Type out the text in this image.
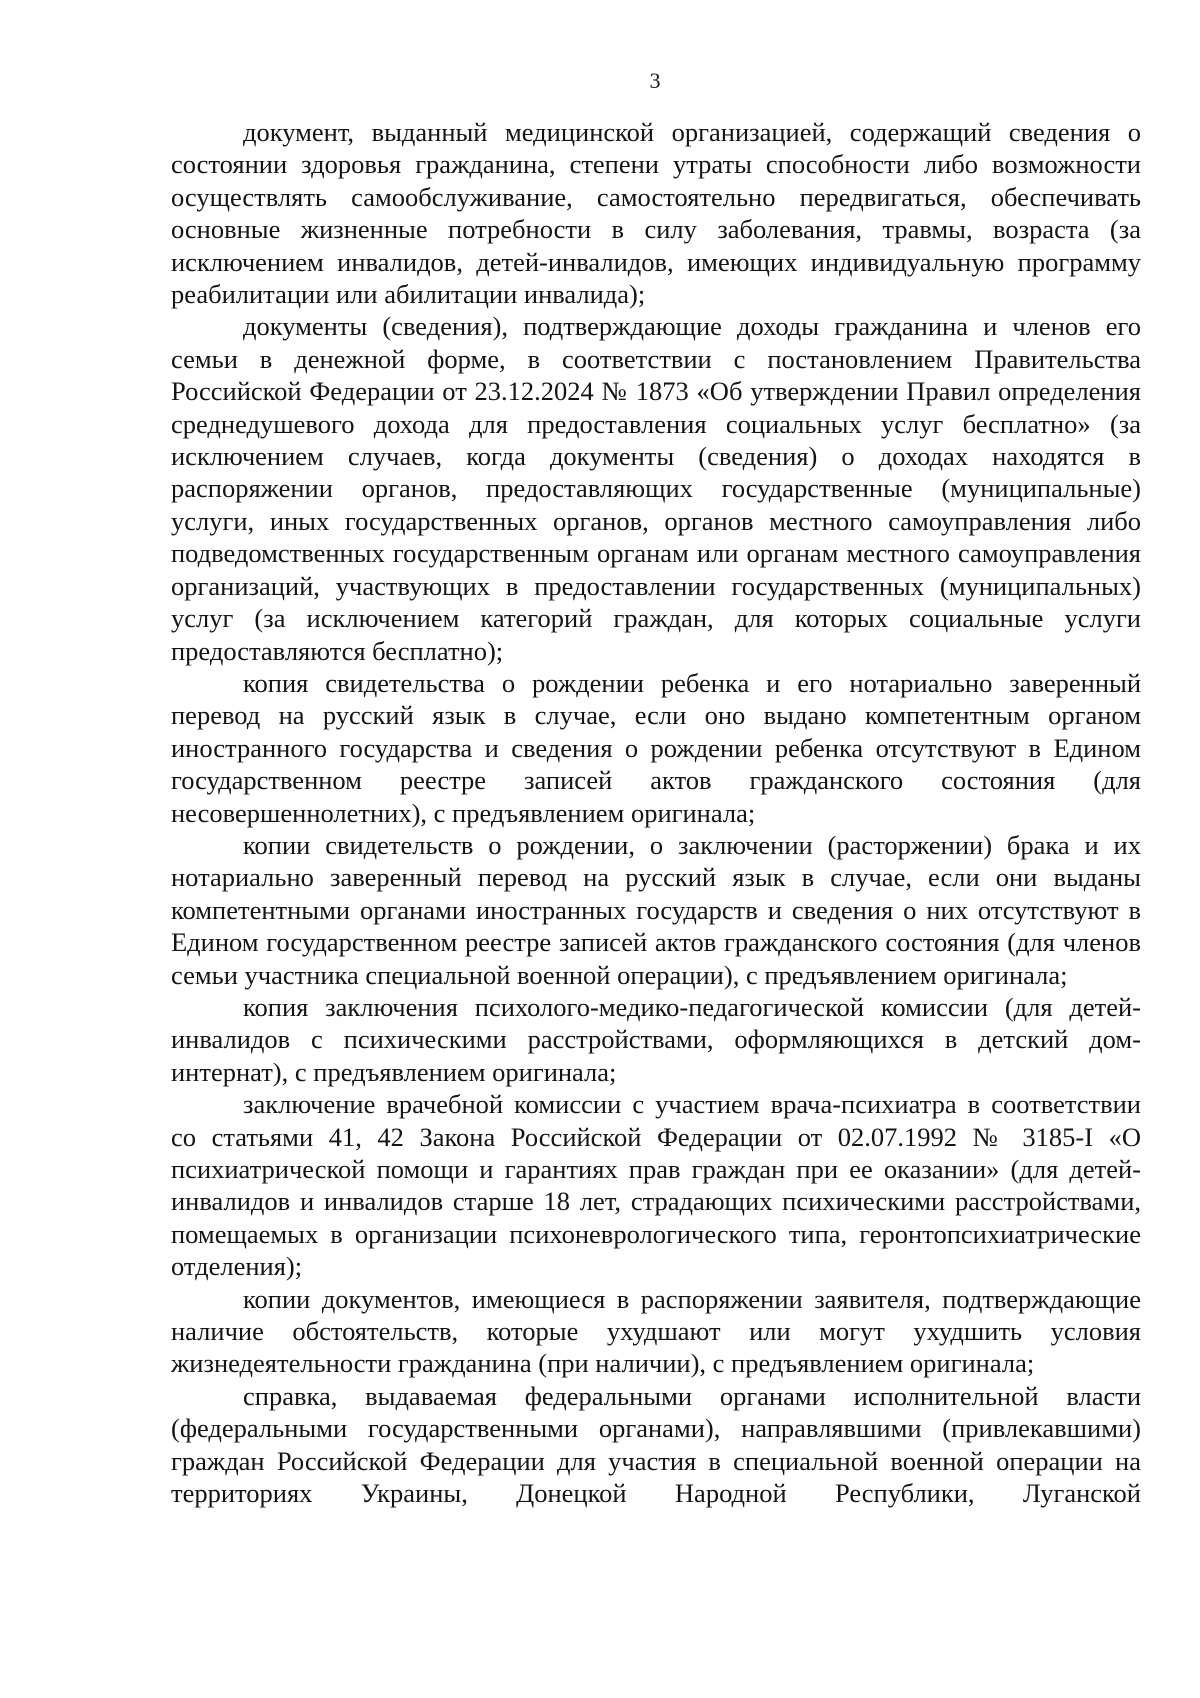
3

документ, выданный медицинской организацией, содержащий сведения о состоянии здоровья гражданина, степени утраты способности либо возможности осуществлять самообслуживание, самостоятельно передвигаться, обеспечивать основные жизненные потребности в силу заболевания, травмы, возраста (за исключением инвалидов, детей-инвалидов, имеющих индивидуальную программу реабилитации или абилитации инвалида);

документы (сведения), подтверждающие доходы гражданина и членов его семьи в денежной форме, в соответствии с постановлением Правительства Российской Федерации от 23.12.2024 № 1873 «Об утверждении Правил определения среднедушевого дохода для предоставления социальных услуг бесплатно» (за исключением случаев, когда документы (сведения) о доходах находятся в распоряжении органов, предоставляющих государственные (муниципальные) услуги, иных государственных органов, органов местного самоуправления либо подведомственных государственным органам или органам местного самоуправления организаций, участвующих в предоставлении государственных (муниципальных) услуг (за исключением категорий граждан, для которых социальные услуги предоставляются бесплатно);

копия свидетельства о рождении ребенка и его нотариально заверенный перевод на русский язык в случае, если оно выдано компетентным органом иностранного государства и сведения о рождении ребенка отсутствуют в Едином государственном реестре записей актов гражданского состояния (для несовершеннолетних), с предъявлением оригинала;

копии свидетельств о рождении, о заключении (расторжении) брака и их нотариально заверенный перевод на русский язык в случае, если они выданы компетентными органами иностранных государств и сведения о них отсутствуют в Едином государственном реестре записей актов гражданского состояния (для членов семьи участника специальной военной операции), с предъявлением оригинала;

копия заключения психолого-медико-педагогической комиссии (для детей-инвалидов с психическими расстройствами, оформляющихся в детский дом-интернат), с предъявлением оригинала;

заключение врачебной комиссии с участием врача-психиатра в соответствии со статьями 41, 42 Закона Российской Федерации от 02.07.1992 № 3185-I «О психиатрической помощи и гарантиях прав граждан при ее оказании» (для детей-инвалидов и инвалидов старше 18 лет, страдающих психическими расстройствами, помещаемых в организации психоневрологического типа, геронтопсихиатрические отделения);

копии документов, имеющиеся в распоряжении заявителя, подтверждающие наличие обстоятельств, которые ухудшают или могут ухудшить условия жизнедеятельности гражданина (при наличии), с предъявлением оригинала;

справка, выдаваемая федеральными органами исполнительной власти (федеральными государственными органами), направлявшими (привлекавшими) граждан Российской Федерации для участия в специальной военной операции на территориях Украины, Донецкой Народной Республики, Луганской
